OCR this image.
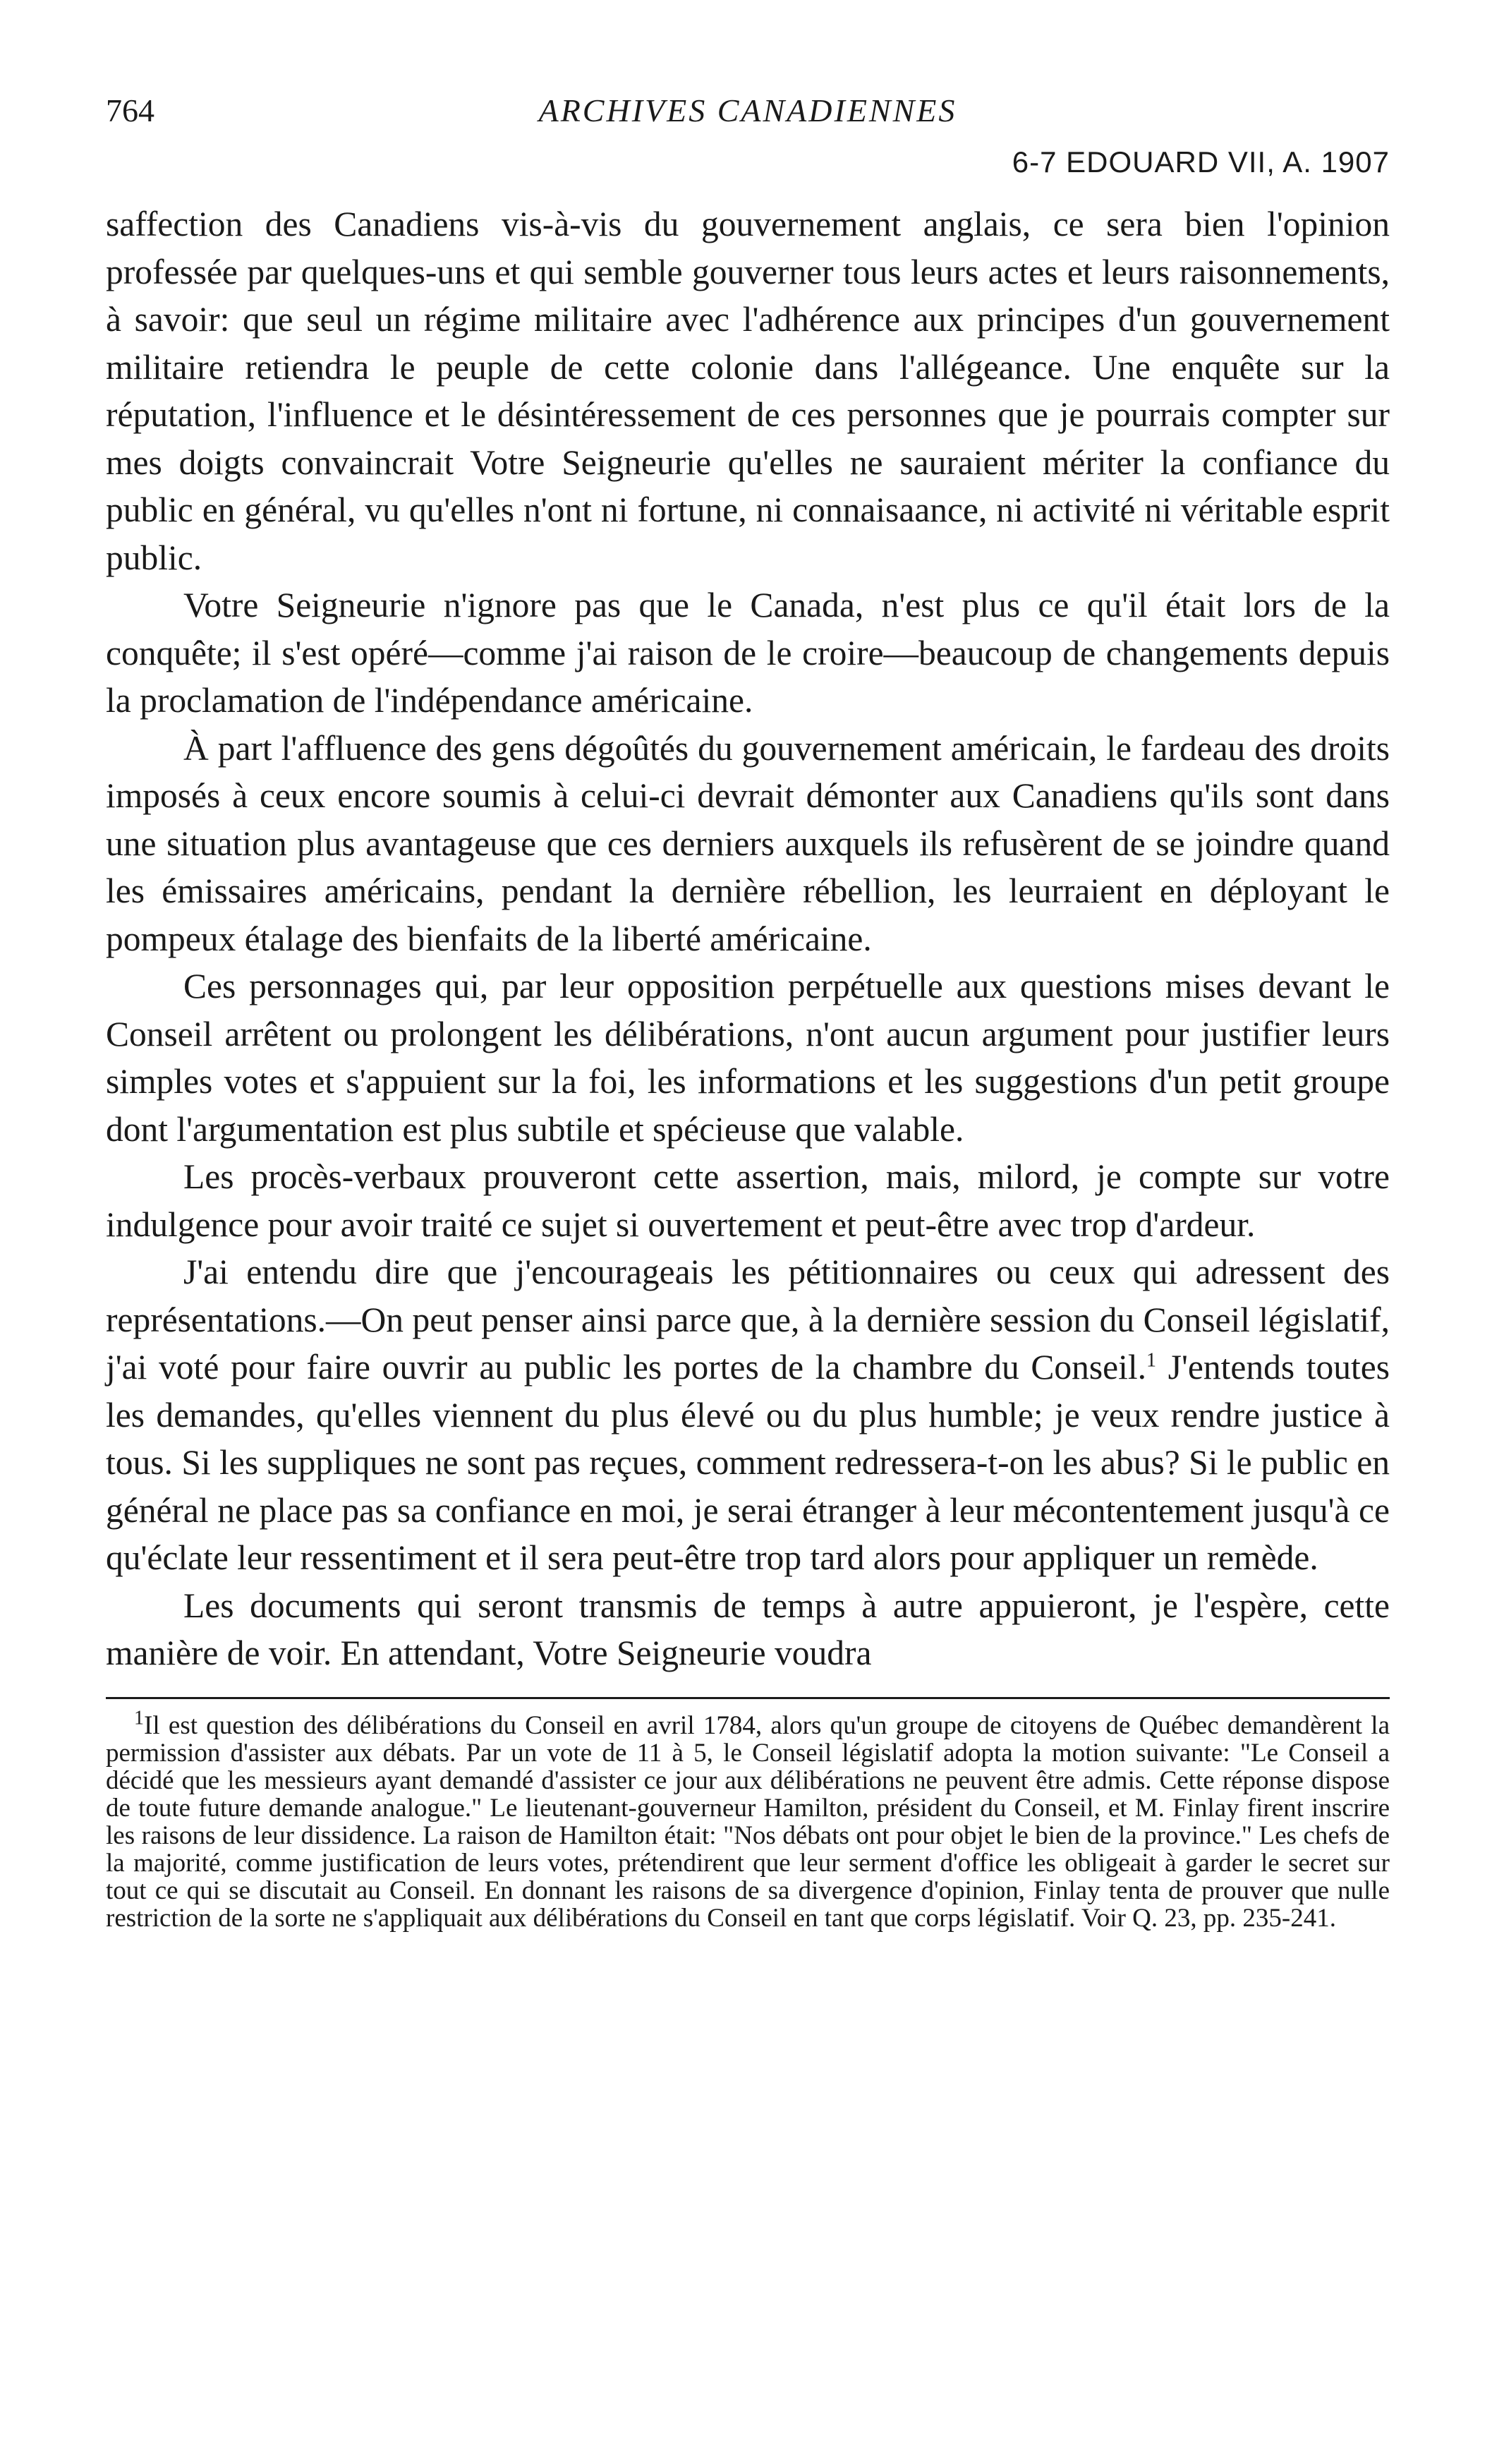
764	ARCHIVES CANADIENNES
6-7 EDOUARD VII, A. 1907

saffection des Canadiens vis-à-vis du gouvernement anglais, ce sera bien l'opinion professée par quelques-uns et qui semble gouverner tous leurs actes et leurs raisonnements, à savoir: que seul un régime militaire avec l'adhérence aux principes d'un gouvernement militaire retiendra le peuple de cette colonie dans l'allégeance. Une enquête sur la réputation, l'influence et le désintéressement de ces personnes que je pourrais compter sur mes doigts convaincrait Votre Seigneurie qu'elles ne sauraient mériter la confiance du public en général, vu qu'elles n'ont ni fortune, ni connaisaance, ni activité ni véritable esprit public.

Votre Seigneurie n'ignore pas que le Canada, n'est plus ce qu'il était lors de la conquête; il s'est opéré—comme j'ai raison de le croire—beaucoup de changements depuis la proclamation de l'indépendance américaine.

À part l'affluence des gens dégoûtés du gouvernement américain, le fardeau des droits imposés à ceux encore soumis à celui-ci devrait démonter aux Canadiens qu'ils sont dans une situation plus avantageuse que ces derniers auxquels ils refusèrent de se joindre quand les émissaires américains, pendant la dernière rébellion, les leurraient en déployant le pompeux étalage des bienfaits de la liberté américaine.

Ces personnages qui, par leur opposition perpétuelle aux questions mises devant le Conseil arrêtent ou prolongent les délibérations, n'ont aucun argument pour justifier leurs simples votes et s'appuient sur la foi, les informations et les suggestions d'un petit groupe dont l'argumentation est plus subtile et spécieuse que valable.

Les procès-verbaux prouveront cette assertion, mais, milord, je compte sur votre indulgence pour avoir traité ce sujet si ouvertement et peut-être avec trop d'ardeur.

J'ai entendu dire que j'encourageais les pétitionnaires ou ceux qui adressent des représentations.—On peut penser ainsi parce que, à la dernière session du Conseil législatif, j'ai voté pour faire ouvrir au public les portes de la chambre du Conseil.$^1$ J'entends toutes les demandes, qu'elles viennent du plus élevé ou du plus humble; je veux rendre justice à tous. Si les suppliques ne sont pas reçues, comment redressera-t-on les abus? Si le public en général ne place pas sa confiance en moi, je serai étranger à leur mécontentement jusqu'à ce qu'éclate leur ressentiment et il sera peut-être trop tard alors pour appliquer un remède.

Les documents qui seront transmis de temps à autre appuieront, je l'espère, cette manière de voir. En attendant, Votre Seigneurie voudra

$^1$Il est question des délibérations du Conseil en avril 1784, alors qu'un groupe de citoyens de Québec demandèrent la permission d'assister aux débats. Par un vote de 11 à 5, le Conseil législatif adopta la motion suivante: "Le Conseil a décidé que les messieurs ayant demandé d'assister ce jour aux délibérations ne peuvent être admis. Cette réponse dispose de toute future demande analogue." Le lieutenant-gouverneur Hamilton, président du Conseil, et M. Finlay firent inscrire les raisons de leur dissidence. La raison de Hamilton était: "Nos débats ont pour objet le bien de la province." Les chefs de la majorité, comme justification de leurs votes, prétendirent que leur serment d'office les obligeait à garder le secret sur tout ce qui se discutait au Conseil. En donnant les raisons de sa divergence d'opinion, Finlay tenta de prouver que nulle restriction de la sorte ne s'appliquait aux délibérations du Conseil en tant que corps législatif. Voir Q. 23, pp. 235-241.
